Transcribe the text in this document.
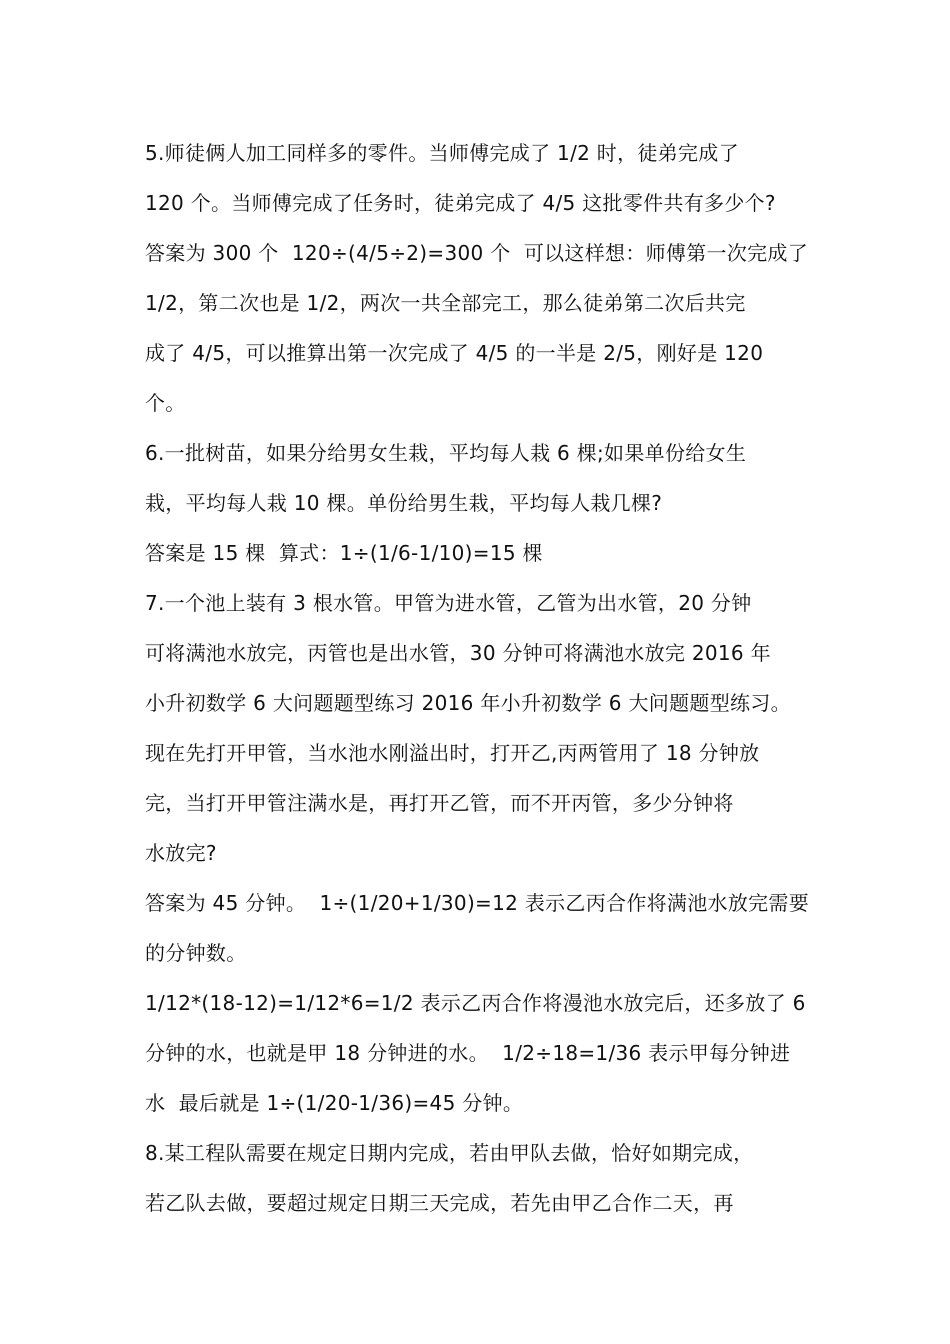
5.师徒俩人加工同样多的零件。当师傅完成了 1/2 时，徒弟完成了
120 个。当师傅完成了任务时，徒弟完成了 4/5 这批零件共有多少个?
答案为 300 个  120÷(4/5÷2)=300 个  可以这样想：师傅第一次完成了
1/2，第二次也是 1/2，两次一共全部完工，那么徒弟第二次后共完
成了 4/5，可以推算出第一次完成了 4/5 的一半是 2/5，刚好是 120
个。
6.一批树苗，如果分给男女生栽，平均每人栽 6 棵;如果单份给女生
栽，平均每人栽 10 棵。单份给男生栽，平均每人栽几棵?
答案是 15 棵  算式：1÷(1/6-1/10)=15 棵
7.一个池上装有 3 根水管。甲管为进水管，乙管为出水管，20 分钟
可将满池水放完，丙管也是出水管，30 分钟可将满池水放完 2016 年
小升初数学 6 大问题题型练习 2016 年小升初数学 6 大问题题型练习。
现在先打开甲管，当水池水刚溢出时，打开乙,丙两管用了 18 分钟放
完，当打开甲管注满水是，再打开乙管，而不开丙管，多少分钟将
水放完?
答案为 45 分钟。  1÷(1/20+1/30)=12 表示乙丙合作将满池水放完需要
的分钟数。
1/12*(18-12)=1/12*6=1/2 表示乙丙合作将漫池水放完后，还多放了 6
分钟的水，也就是甲 18 分钟进的水。  1/2÷18=1/36 表示甲每分钟进
水  最后就是 1÷(1/20-1/36)=45 分钟。
8.某工程队需要在规定日期内完成，若由甲队去做，恰好如期完成，
若乙队去做，要超过规定日期三天完成，若先由甲乙合作二天，再
